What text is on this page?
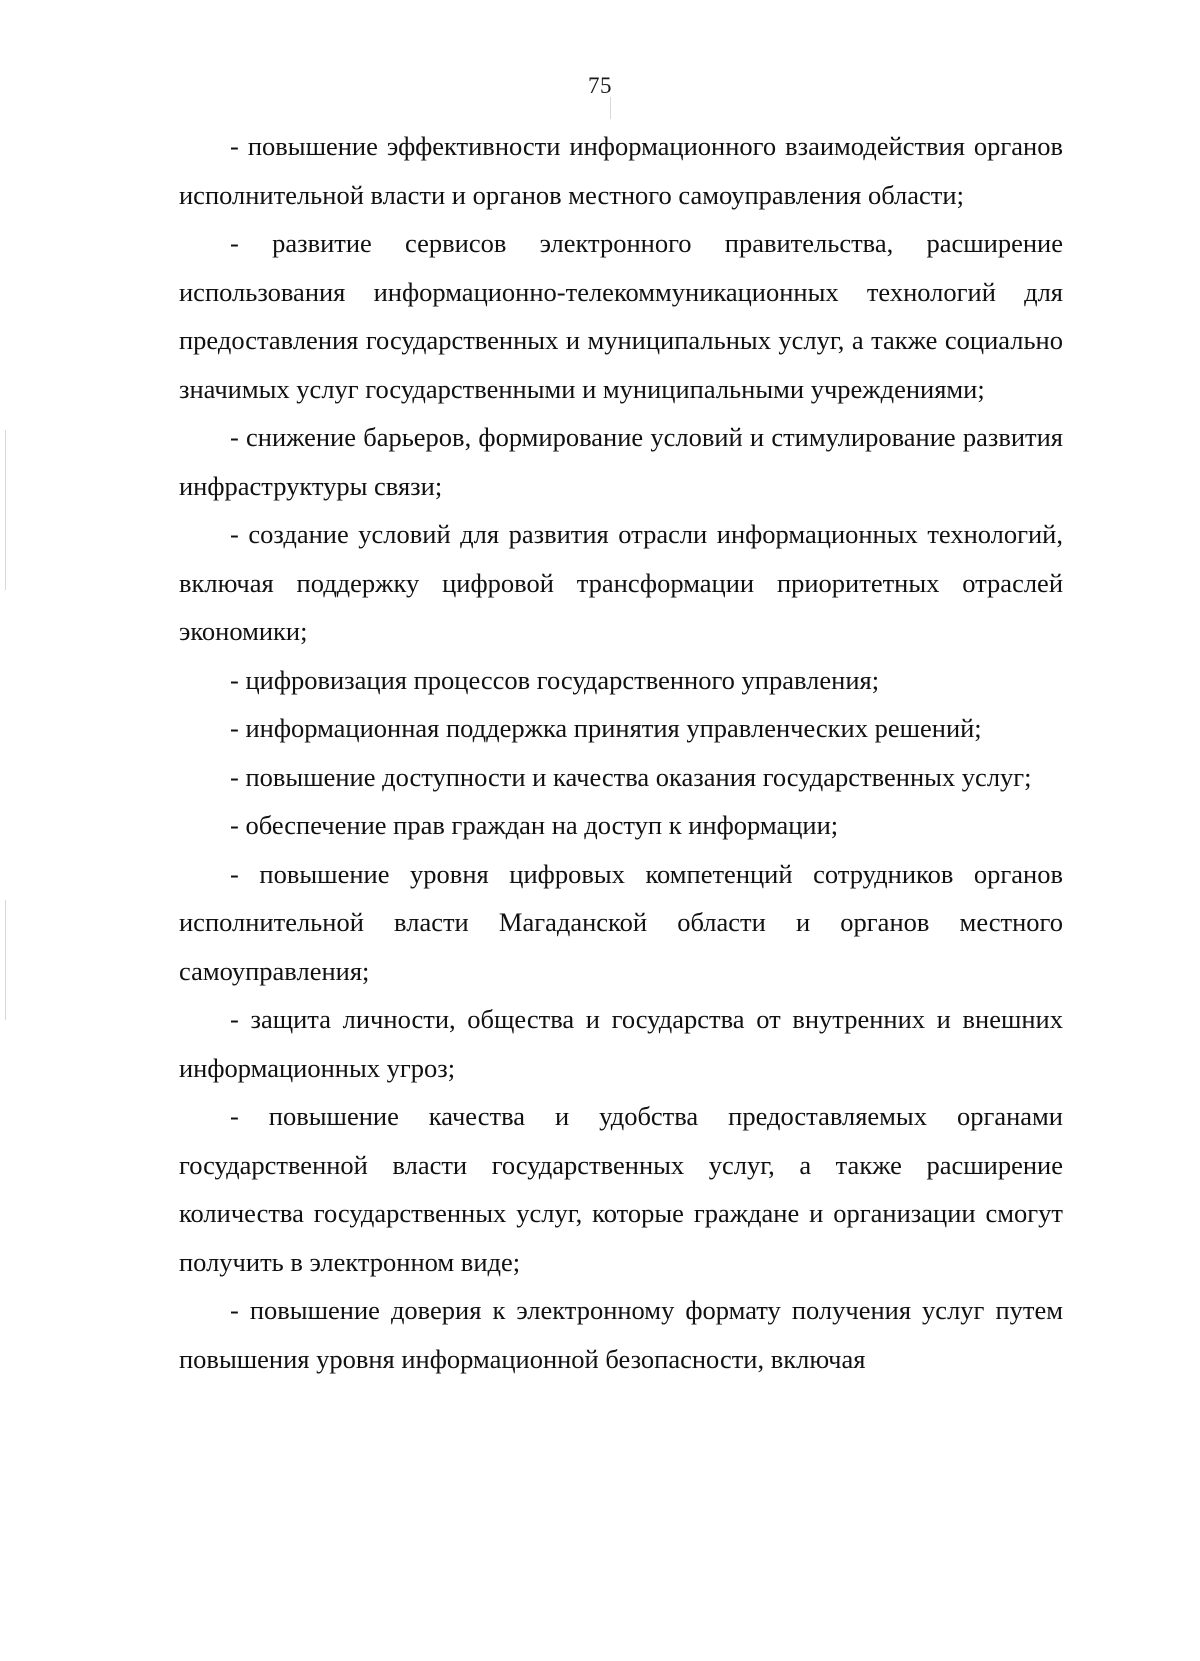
75

- повышение эффективности информационного взаимодействия органов исполнительной власти и органов местного самоуправления области;

- развитие сервисов электронного правительства, расширение использования информационно-телекоммуникационных технологий для предоставления государственных и муниципальных услуг, а также социально значимых услуг государственными и муниципальными учреждениями;

- снижение барьеров, формирование условий и стимулирование развития инфраструктуры связи;

- создание условий для развития отрасли информационных технологий, включая поддержку цифровой трансформации приоритетных отраслей экономики;

- цифровизация процессов государственного управления;

- информационная поддержка принятия управленческих решений;

- повышение доступности и качества оказания государственных услуг;

- обеспечение прав граждан на доступ к информации;

- повышение уровня цифровых компетенций сотрудников органов исполнительной власти Магаданской области и органов местного самоуправления;

- защита личности, общества и государства от внутренних и внешних информационных угроз;

- повышение качества и удобства предоставляемых органами государственной власти государственных услуг, а также расширение количества государственных услуг, которые граждане и организации смогут получить в электронном виде;

- повышение доверия к электронному формату получения услуг путем повышения уровня информационной безопасности, включая
